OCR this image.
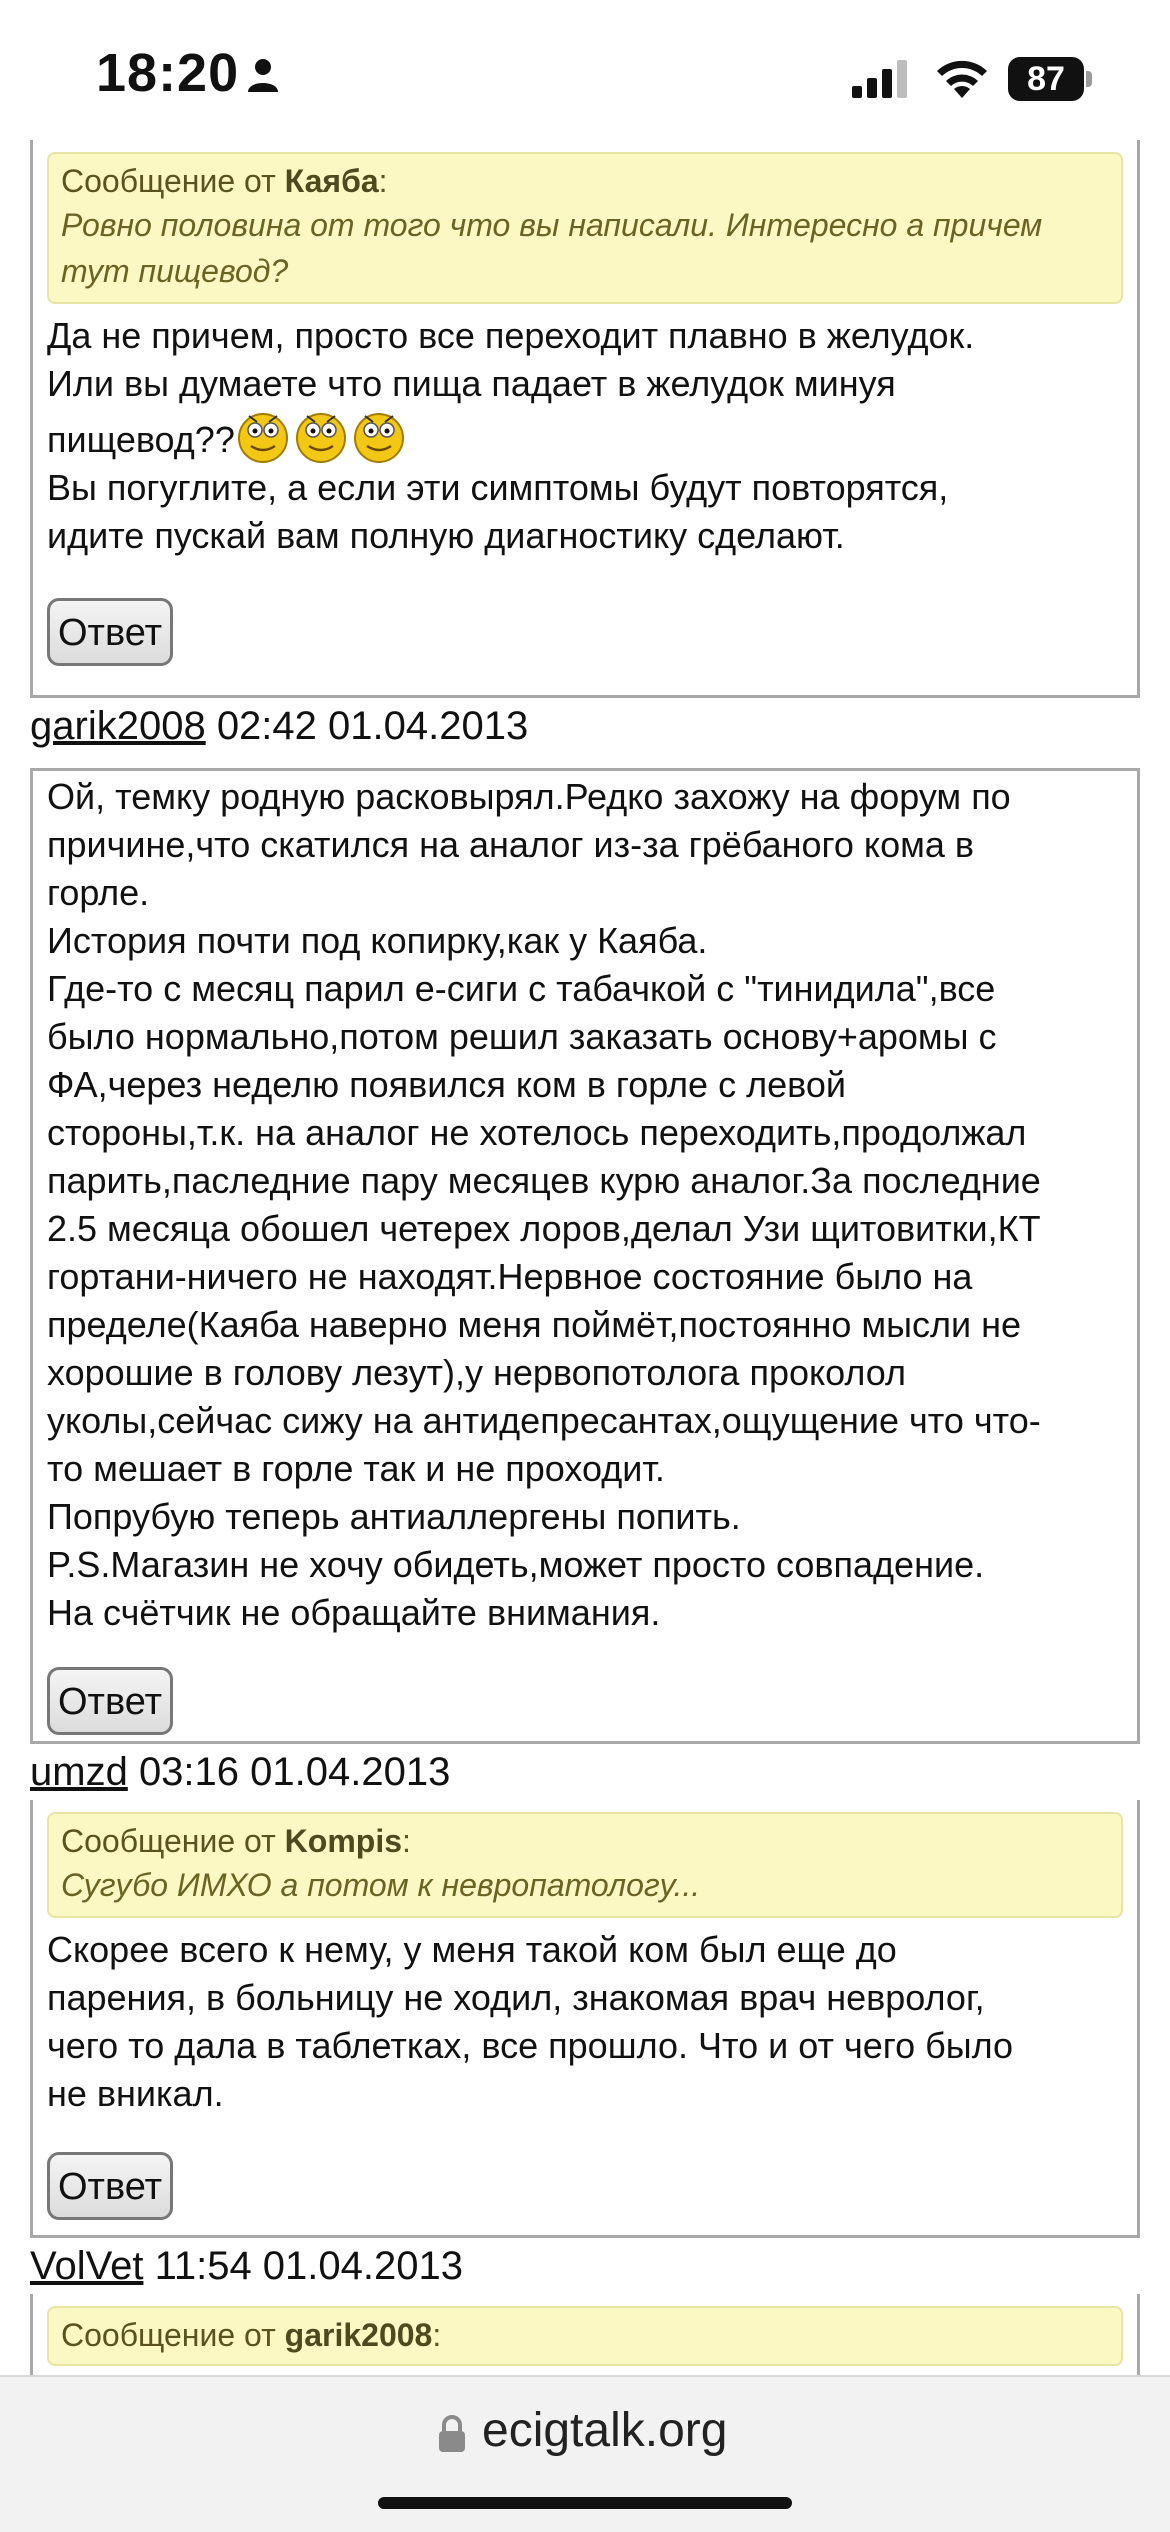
18:20	87
Сообщение от Каяба:
Ровно половина от того что вы написали. Интересно а причем тут пищевод?
Да не причем, просто все переходит плавно в желудок.
Или вы думаете что пища падает в желудок минуя
пищевод??
Вы погуглите, а если эти симптомы будут повторятся,
идите пускай вам полную диагностику сделают.
Ответ
garik2008 02:42 01.04.2013
Ой, темку родную расковырял.Редко захожу на форум по
причине,что скатился на аналог из-за грёбаного кома в
горле.
История почти под копирку,как у Каяба.
Где-то с месяц парил е-сиги с табачкой с "тинидила",все
было нормально,потом решил заказать основу+аромы с
ФА,через неделю появился ком в горле с левой
стороны,т.к. на аналог не хотелось переходить,продолжал
парить,паследние пару месяцев курю аналог.За последние
2.5 месяца обошел четерех лоров,делал Узи щитовитки,КТ
гортани-ничего не находят.Нервное состояние было на
пределе(Каяба наверно меня поймёт,постоянно мысли не
хорошие в голову лезут),у нервопотолога проколол
уколы,сейчас сижу на антидепресантах,ощущение что что-
то мешает в горле так и не проходит.
Попрубую теперь антиаллергены попить.
P.S.Магазин не хочу обидеть,может просто совпадение.
На счётчик не обращайте внимания.
Ответ
umzd 03:16 01.04.2013
Сообщение от Kompis:
Сугубо ИМХО а потом к невропатологу...
Скорее всего к нему, у меня такой ком был еще до
парения, в больницу не ходил, знакомая врач невролог,
чего то дала в таблетках, все прошло. Что и от чего было
не вникал.
Ответ
VolVet 11:54 01.04.2013
Сообщение от garik2008:
ecigtalk.org
